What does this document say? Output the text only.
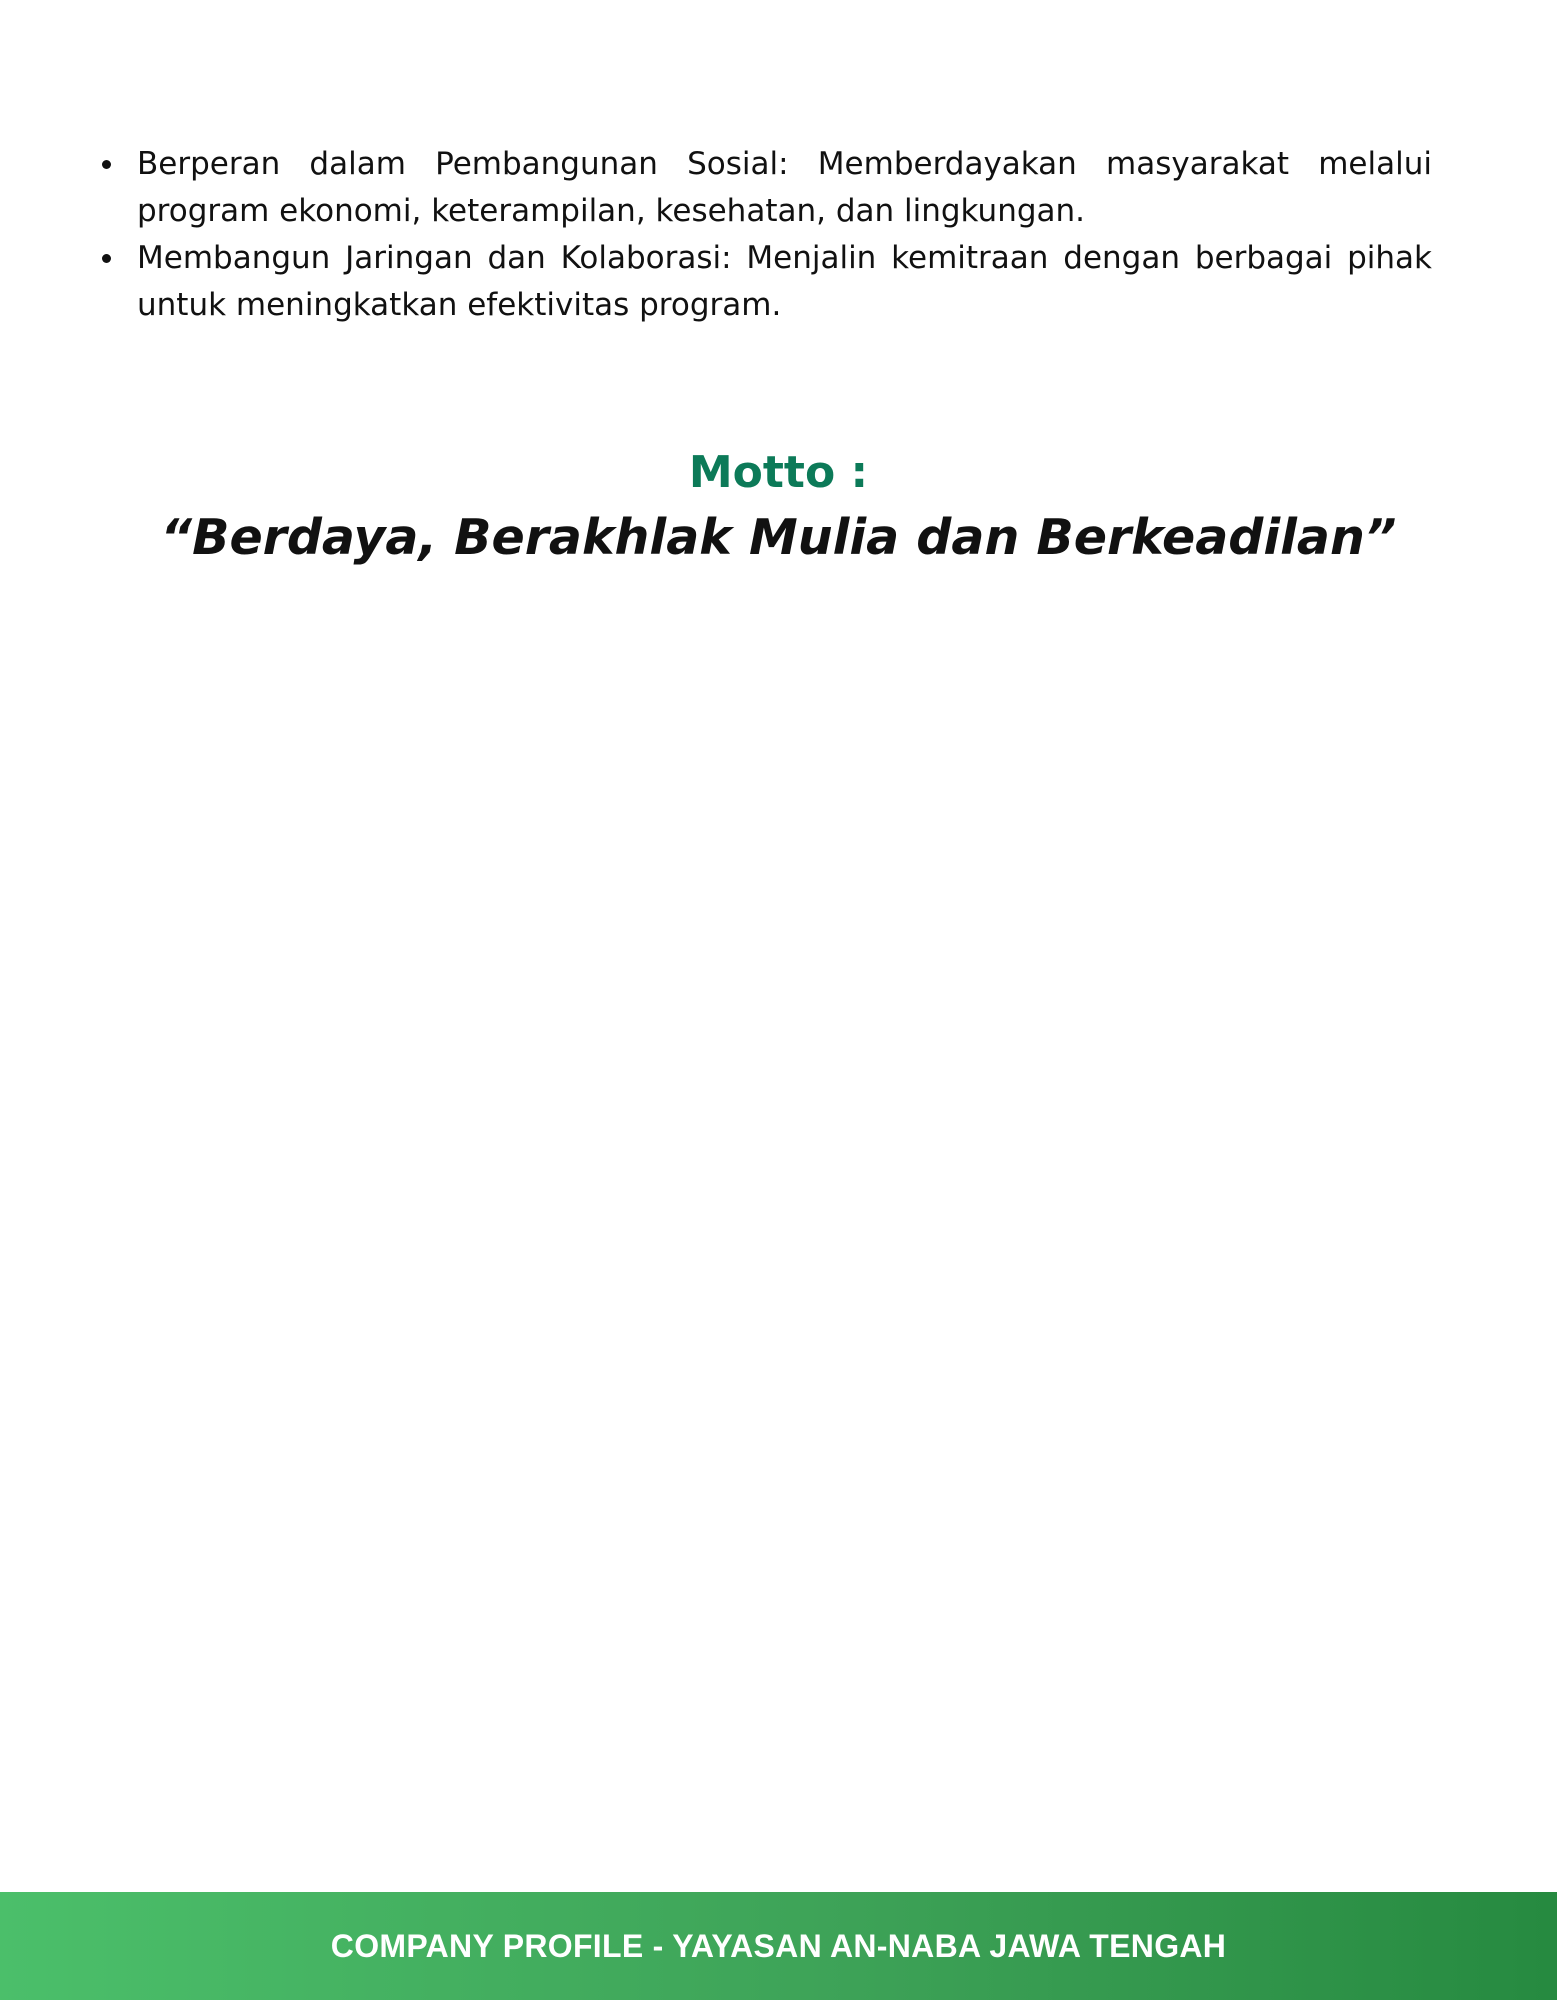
Berperan dalam Pembangunan Sosial: Memberdayakan masyarakat melalui program ekonomi, keterampilan, kesehatan, dan lingkungan.
Membangun Jaringan dan Kolaborasi: Menjalin kemitraan dengan berbagai pihak untuk meningkatkan efektivitas program.
Motto :
“Berdaya, Berakhlak Mulia dan Berkeadilan”
COMPANY PROFILE - YAYASAN AN-NABA JAWA TENGAH
